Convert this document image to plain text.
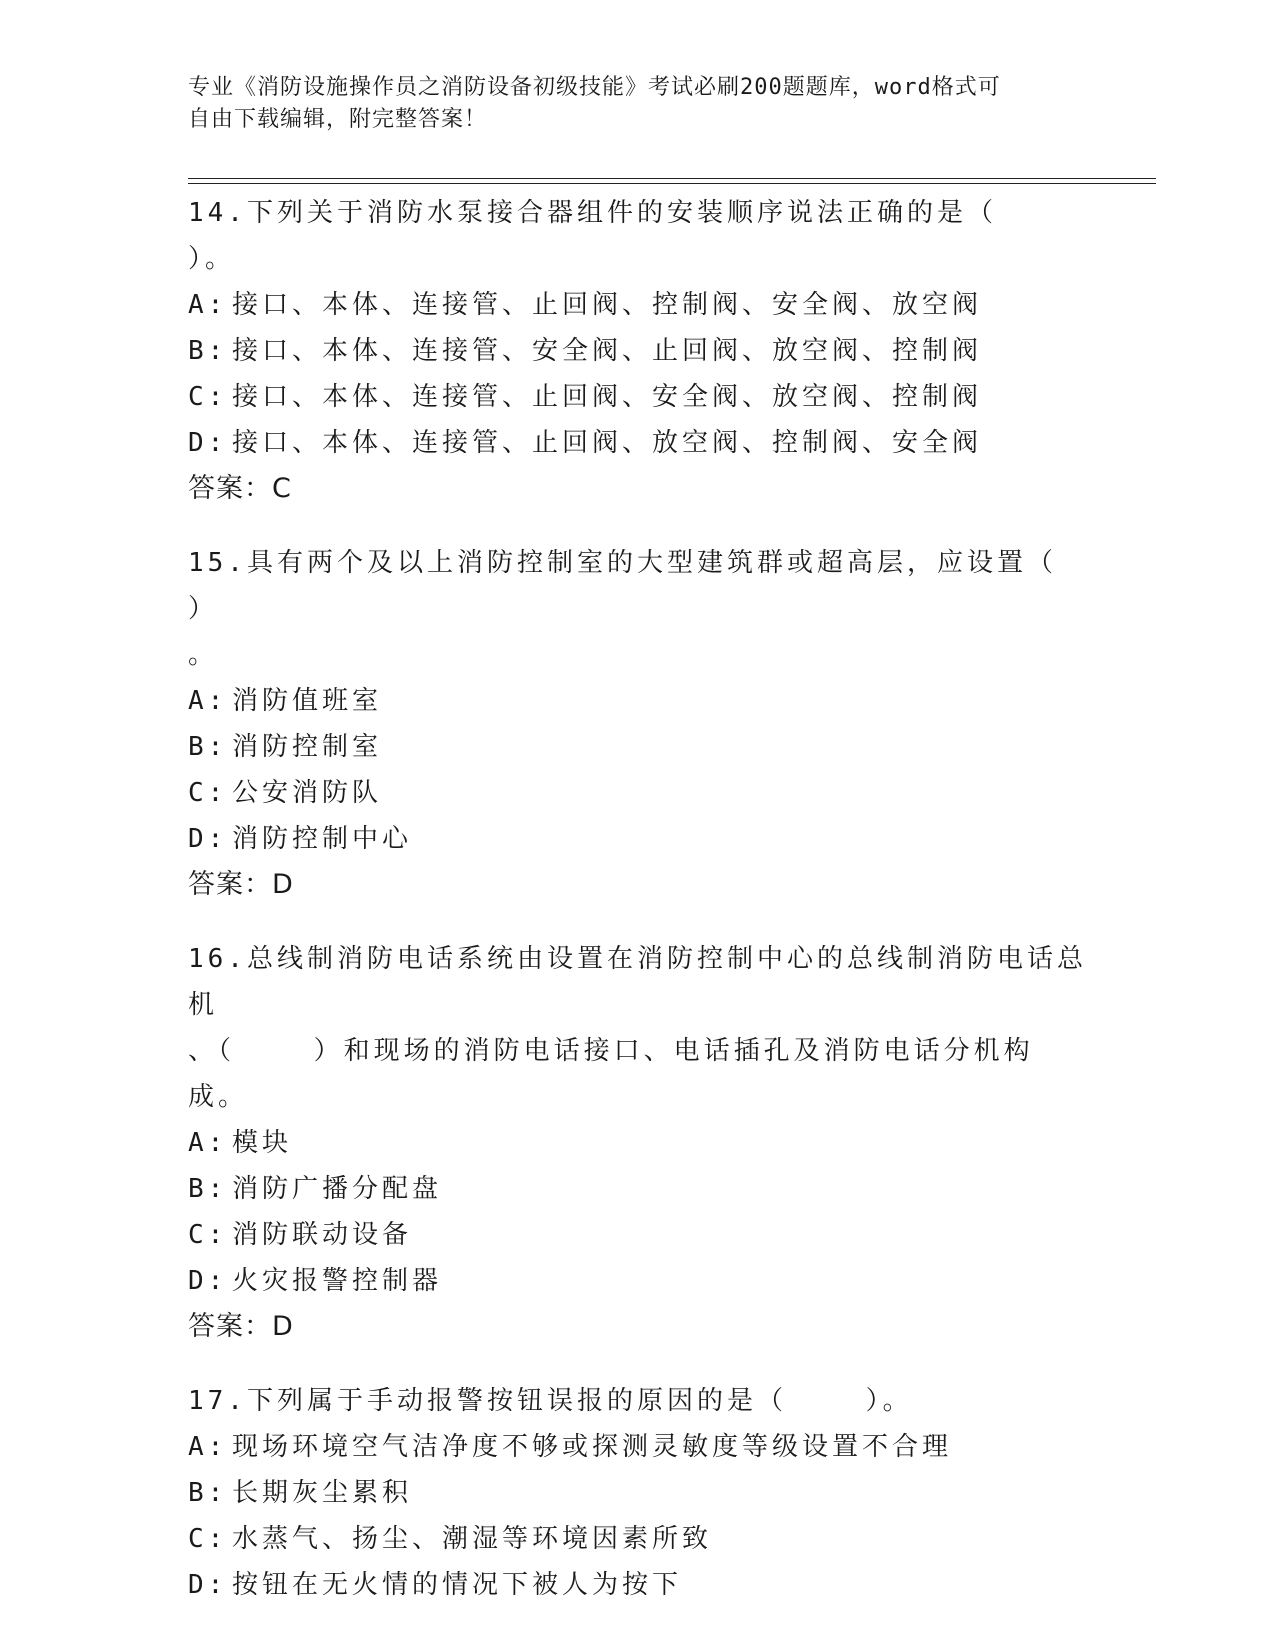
专业《消防设施操作员之消防设备初级技能》考试必刷200题题库，word格式可

自由下载编辑，附完整答案！

14.下列关于消防水泵接合器组件的安装顺序说法正确的是（    ）。

A: 接口、本体、连接管、止回阀、控制阀、安全阀、放空阀
B: 接口、本体、连接管、安全阀、止回阀、放空阀、控制阀
C: 接口、本体、连接管、止回阀、安全阀、放空阀、控制阀
D: 接口、本体、连接管、止回阀、放空阀、控制阀、安全阀

答案：C

15.具有两个及以上消防控制室的大型建筑群或超高层，应设置（    ）
。

A: 消防值班室
B: 消防控制室
C: 公安消防队
D: 消防控制中心

答案：D

16.总线制消防电话系统由设置在消防控制中心的总线制消防电话总机
、（    ）和现场的消防电话接口、电话插孔及消防电话分机构成。

A: 模块
B: 消防广播分配盘
C: 消防联动设备
D: 火灾报警控制器

答案：D

17.下列属于手动报警按钮误报的原因的是（    ）。

A: 现场环境空气洁净度不够或探测灵敏度等级设置不合理
B: 长期灰尘累积
C: 水蒸气、扬尘、潮湿等环境因素所致
D: 按钮在无火情的情况下被人为按下
